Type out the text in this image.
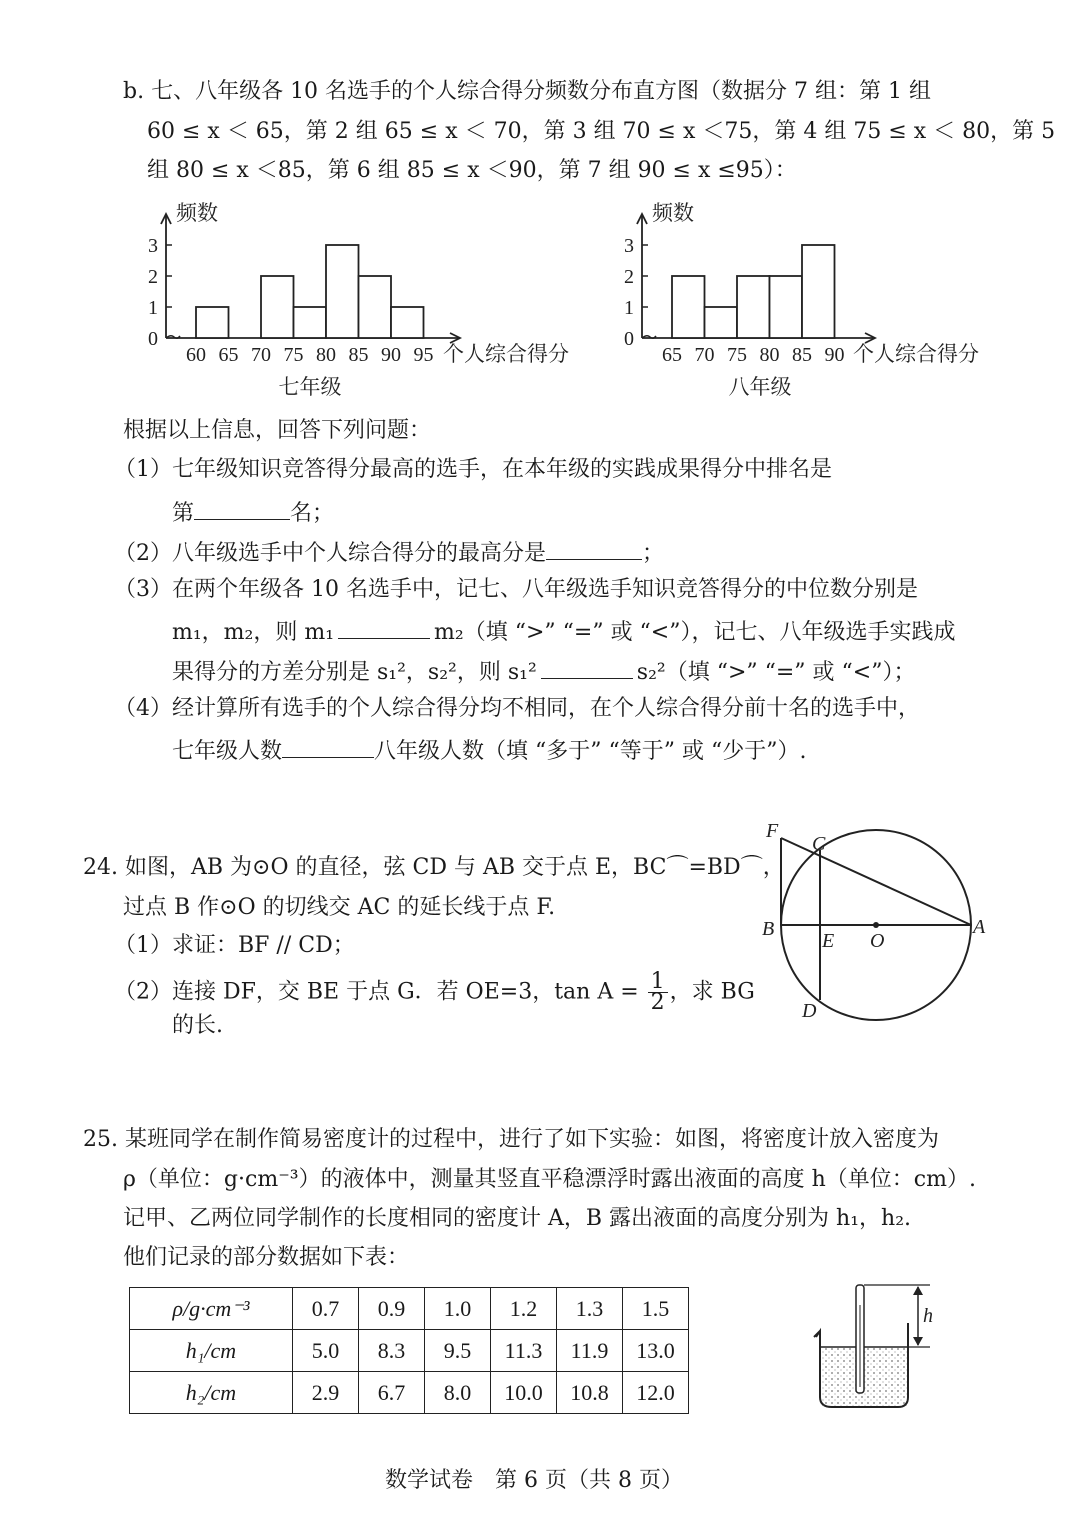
b. 七、八年级各 10 名选手的个人综合得分频数分布直方图（数据分 7 组：第 1 组
60 ≤ x ＜ 65，第 2 组 65 ≤ x ＜ 70，第 3 组 70 ≤ x ＜75，第 4 组 75 ≤ x ＜ 80，第 5
组 80 ≤ x ＜85，第 6 组 85 ≤ x ＜90，第 7 组 90 ≤ x ≤95）：
0
1
2
3
60 65 70 75 80 85 90 95
频数
个人综合得分
七年级
0
1
2
3
65 70 75 80 85 90
频数
个人综合得分
八年级
根据以上信息，回答下列问题：
（1）七年级知识竞答得分最高的选手，在本年级的实践成果得分中排名是
第	名；
（2）八年级选手中个人综合得分的最高分是	；
（3）在两个年级各 10 名选手中，记七、八年级选手知识竞答得分的中位数分别是
m₁，m₂，则 m₁	m₂（填 “>” “=” 或 “<”），记七、八年级选手实践成
果得分的方差分别是 s₁²，s₂²，则 s₁²	s₂²（填 “>” “=” 或 “<”）；
（4）经计算所有选手的个人综合得分均不相同，在个人综合得分前十名的选手中，
七年级人数	八年级人数（填 “多于” “等于” 或 “少于”）.
24. 如图，AB 为⊙O 的直径，弦 CD 与 AB 交于点 E，BC⌒=BD⌒，
过点 B 作⊙O 的切线交 AC 的延长线于点 F.
（1）求证：BF // CD；
（2）连接 DF，交 BE 于点 G．若 OE=3，$\tan A = \frac{1}{2}$ ，求 BG
的长.
F
C
B
E O
A
D
25. 某班同学在制作简易密度计的过程中，进行了如下实验：如图，将密度计放入密度为
ρ（单位：g·cm⁻³）的液体中，测量其竖直平稳漂浮时露出液面的高度 h（单位：cm）.
记甲、乙两位同学制作的长度相同的密度计 A，B 露出液面的高度分别为 h₁，h₂.
他们记录的部分数据如下表：
ρ/g·cm⁻³	0.7	0.9	1.0	1.2	1.3	1.5
h₁/cm	5.0	8.3	9.5	11.3	11.9	13.0
h₂/cm	2.9	6.7	8.0	10.0	10.8	12.0
h
数学试卷　第 6 页（共 8 页）
